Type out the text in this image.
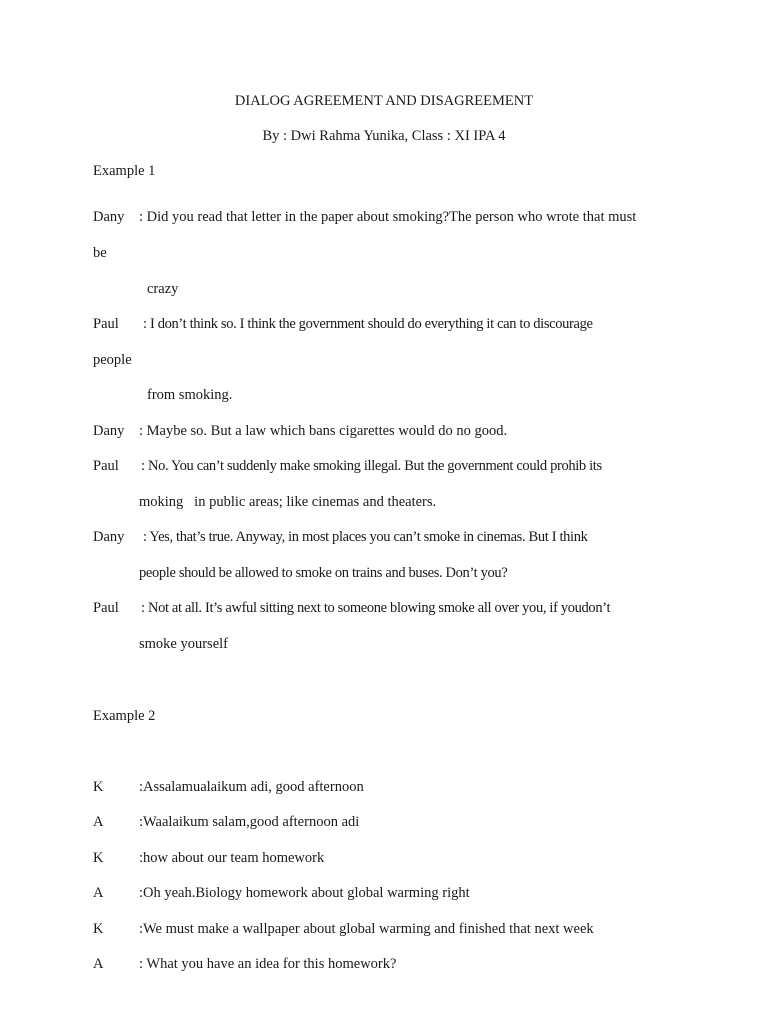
DIALOG AGREEMENT AND DISAGREEMENT
By : Dwi Rahma Yunika, Class : XI IPA 4
Example 1
Dany : Did you read that letter in the paper about smoking?The person who wrote that must
be
crazy
Paul : I don’t think so. I think the government should do everything it can to discourage
people
from smoking.
Dany : Maybe so. But a law which bans cigarettes would do no good.
Paul : No. You can’t suddenly make smoking illegal. But the government could prohib its
moking   in public areas; like cinemas and theaters.
Dany : Yes, that’s true. Anyway, in most places you can’t smoke in cinemas. But I think
people should be allowed to smoke on trains and buses. Don’t you?
Paul : Not at all. It’s awful sitting next to someone blowing smoke all over you, if youdon’t
smoke yourself
Example 2
K :Assalamualaikum adi, good afternoon
A :Waalaikum salam,good afternoon adi
K :how about our team homework
A :Oh yeah.Biology homework about global warming right
K :We must make a wallpaper about global warming and finished that next week
A : What you have an idea for this homework?
